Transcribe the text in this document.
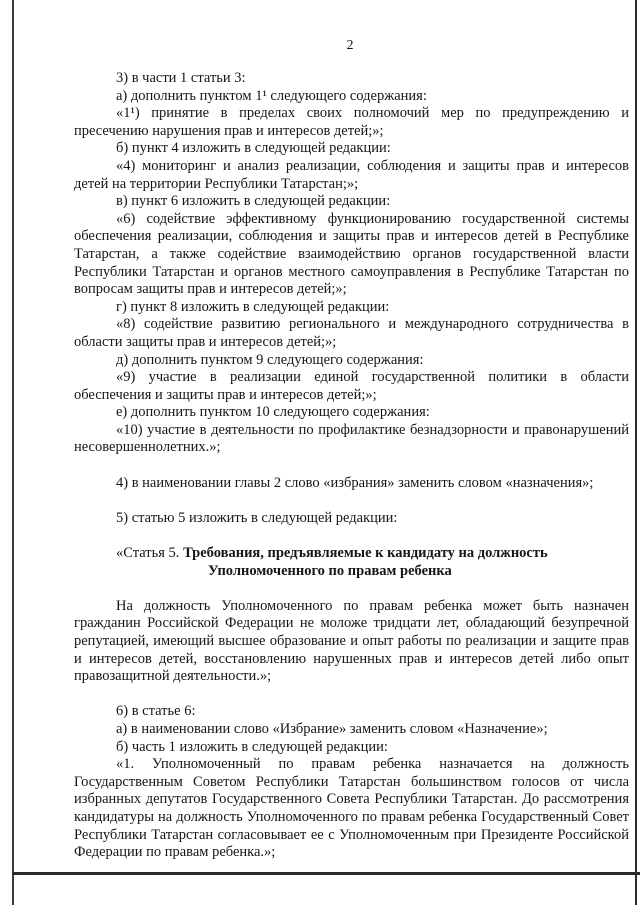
2

3) в части 1 статьи 3:

а) дополнить пунктом 1¹ следующего содержания:

«1¹) принятие в пределах своих полномочий мер по предупреждению и пресечению нарушения прав и интересов детей;»;

б) пункт 4 изложить в следующей редакции:

«4) мониторинг и анализ реализации, соблюдения и защиты прав и интересов детей на территории Республики Татарстан;»;

в) пункт 6 изложить в следующей редакции:

«6) содействие эффективному функционированию государственной системы обеспечения реализации, соблюдения и защиты прав и интересов детей в Республике Татарстан, а также содействие взаимодействию органов государственной власти Республики Татарстан и органов местного самоуправления в Республике Татарстан по вопросам защиты прав и интересов детей;»;

г) пункт 8 изложить в следующей редакции:

«8) содействие развитию регионального и международного сотрудничества в области защиты прав и интересов детей;»;

д) дополнить пунктом 9 следующего содержания:

«9) участие в реализации единой государственной политики в области обеспечения и защиты прав и интересов детей;»;

е) дополнить пунктом 10 следующего содержания:

«10) участие в деятельности по профилактике безнадзорности и правонарушений несовершеннолетних.»;

4) в наименовании главы 2 слово «избрания» заменить словом «назначения»;

5) статью 5 изложить в следующей редакции:

«Статья 5. Требования, предъявляемые к кандидату на должность
Уполномоченного по правам ребенка

На должность Уполномоченного по правам ребенка может быть назначен гражданин Российской Федерации не моложе тридцати лет, обладающий безупречной репутацией, имеющий высшее образование и опыт работы по реализации и защите прав и интересов детей, восстановлению нарушенных прав и интересов детей либо опыт правозащитной деятельности.»;

6) в статье 6:

а) в наименовании слово «Избрание» заменить словом «Назначение»;

б) часть 1 изложить в следующей редакции:

«1. Уполномоченный по правам ребенка назначается на должность Государственным Советом Республики Татарстан большинством голосов от числа избранных депутатов Государственного Совета Республики Татарстан. До рассмотрения кандидатуры на должность Уполномоченного по правам ребенка Государственный Совет Республики Татарстан согласовывает ее с Уполномоченным при Президенте Российской Федерации по правам ребенка.»;
